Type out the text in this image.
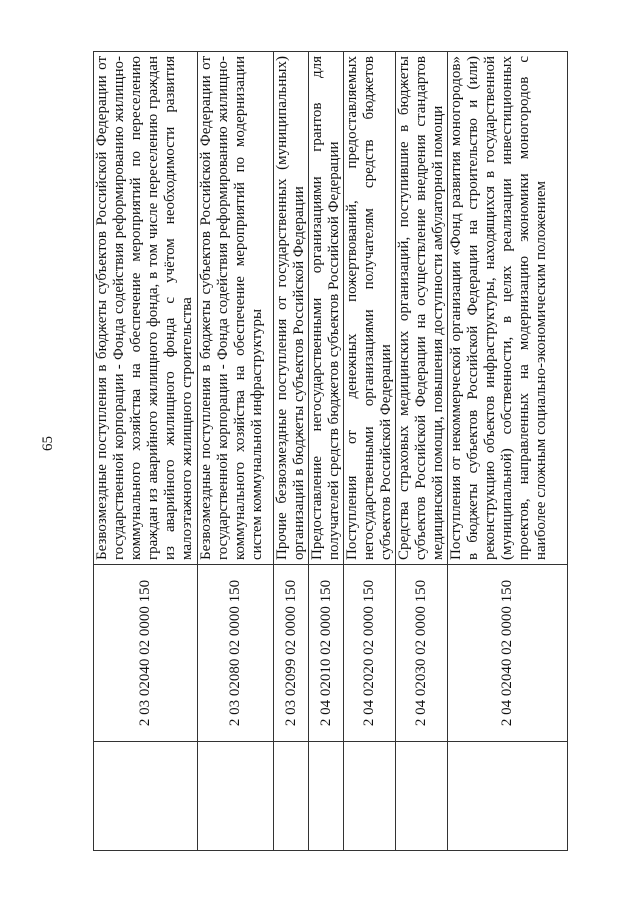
65
	2 03 02040 02 0000 150	Безвозмездные поступления в бюджеты субъектов Российской Федерации от государственной корпорации - Фонда содействия реформированию жилищно-коммунального хозяйства на обеспечение мероприятий по переселению граждан из аварийного жилищного фонда, в том числе переселению граждан из аварийного жилищного фонда с учётом необходимости развития малоэтажного жилищного строительства
	2 03 02080 02 0000 150	Безвозмездные поступления в бюджеты субъектов Российской Федерации от государственной корпорации - Фонда содействия реформированию жилищно-коммунального хозяйства на обеспечение мероприятий по модернизации систем коммунальной инфраструктуры
	2 03 02099 02 0000 150	Прочие безвозмездные поступления от государственных (муниципальных) организаций в бюджеты субъектов Российской Федерации
	2 04 02010 02 0000 150	Предоставление негосударственными организациями грантов для получателей средств бюджетов субъектов Российской Федерации
	2 04 02020 02 0000 150	Поступления от денежных пожертвований, предоставляемых негосударственными организациями получателям средств бюджетов субъектов Российской Федерации
	2 04 02030 02 0000 150	Средства страховых медицинских организаций, поступившие в бюджеты субъектов Российской Федерации на осуществление внедрения стандартов медицинской помощи, повышения доступности амбулаторной помощи
	2 04 02040 02 0000 150	Поступления от некоммерческой организации «Фонд развития моногородов» в бюджеты субъектов Российской Федерации на строительство и (или) реконструкцию объектов инфраструктуры, находящихся в государственной (муниципальной) собственности, в целях реализации инвестиционных проектов, направленных на модернизацию экономики моногородов с наиболее сложным социально-экономическим положением
